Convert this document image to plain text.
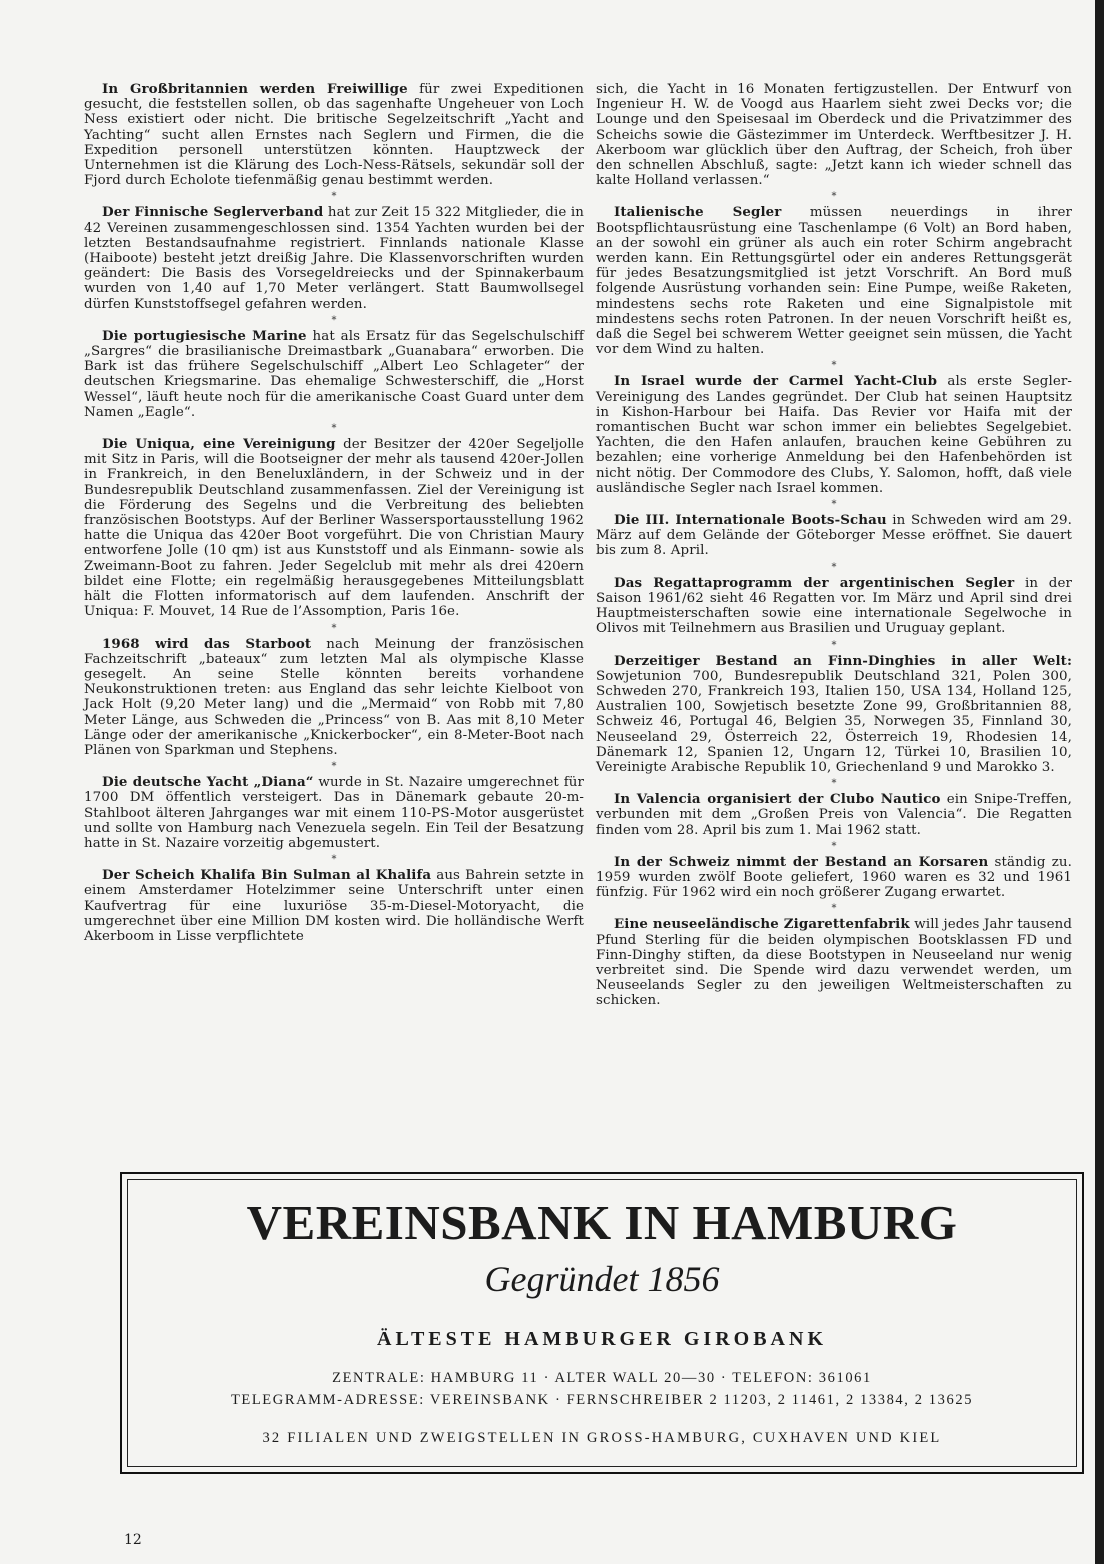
In Großbritannien werden Freiwillige für zwei Expeditionen gesucht, die feststellen sollen, ob das sagenhafte Ungeheuer von Loch Ness existiert oder nicht. Die britische Segelzeitschrift „Yacht and Yachting“ sucht allen Ernstes nach Seglern und Firmen, die die Expedition personell unterstützen könnten. Hauptzweck der Unternehmen ist die Klärung des Loch-Ness-Rätsels, sekundär soll der Fjord durch Echolote tiefenmäßig genau bestimmt werden.

*

Der Finnische Seglerverband hat zur Zeit 15 322 Mitglieder, die in 42 Vereinen zusammengeschlossen sind. 1354 Yachten wurden bei der letzten Bestandsaufnahme registriert. Finnlands nationale Klasse (Haiboote) besteht jetzt dreißig Jahre. Die Klassenvorschriften wurden geändert: Die Basis des Vorsegeldreiecks und der Spinnakerbaum wurden von 1,40 auf 1,70 Meter verlängert. Statt Baumwollsegel dürfen Kunststoffsegel gefahren werden.

*

Die portugiesische Marine hat als Ersatz für das Segelschulschiff „Sargres“ die brasilianische Dreimastbark „Guanabara“ erworben. Die Bark ist das frühere Segelschulschiff „Albert Leo Schlageter“ der deutschen Kriegsmarine. Das ehemalige Schwesterschiff, die „Horst Wessel“, läuft heute noch für die amerikanische Coast Guard unter dem Namen „Eagle“.

*

Die Uniqua, eine Vereinigung der Besitzer der 420er Segeljolle mit Sitz in Paris, will die Bootseigner der mehr als tausend 420er-Jollen in Frankreich, in den Beneluxländern, in der Schweiz und in der Bundesrepublik Deutschland zusammenfassen. Ziel der Vereinigung ist die Förderung des Segelns und die Verbreitung des beliebten französischen Bootstyps. Auf der Berliner Wassersportausstellung 1962 hatte die Uniqua das 420er Boot vorgeführt. Die von Christian Maury entworfene Jolle (10 qm) ist aus Kunststoff und als Einmann- sowie als Zweimann-Boot zu fahren. Jeder Segelclub mit mehr als drei 420ern bildet eine Flotte; ein regelmäßig herausgegebenes Mitteilungsblatt hält die Flotten informatorisch auf dem laufenden. Anschrift der Uniqua: F. Mouvet, 14 Rue de l’Assomption, Paris 16e.

*

1968 wird das Starboot nach Meinung der französischen Fachzeitschrift „bateaux“ zum letzten Mal als olympische Klasse gesegelt. An seine Stelle könnten bereits vorhandene Neukonstruktionen treten: aus England das sehr leichte Kielboot von Jack Holt (9,20 Meter lang) und die „Mermaid“ von Robb mit 7,80 Meter Länge, aus Schweden die „Princess“ von B. Aas mit 8,10 Meter Länge oder der amerikanische „Knickerbocker“, ein 8-Meter-Boot nach Plänen von Sparkman und Stephens.

*

Die deutsche Yacht „Diana“ wurde in St. Nazaire umgerechnet für 1700 DM öffentlich versteigert. Das in Dänemark gebaute 20-m-Stahlboot älteren Jahrganges war mit einem 110-PS-Motor ausgerüstet und sollte von Hamburg nach Venezuela segeln. Ein Teil der Besatzung hatte in St. Nazaire vorzeitig abgemustert.

*

Der Scheich Khalifa Bin Sulman al Khalifa aus Bahrein setzte in einem Amsterdamer Hotelzimmer seine Unterschrift unter einen Kaufvertrag für eine luxuriöse 35-m-Diesel-Motoryacht, die umgerechnet über eine Million DM kosten wird. Die holländische Werft Akerboom in Lisse verpflichtete

sich, die Yacht in 16 Monaten fertigzustellen. Der Entwurf von Ingenieur H. W. de Voogd aus Haarlem sieht zwei Decks vor; die Lounge und den Speisesaal im Oberdeck und die Privatzimmer des Scheichs sowie die Gästezimmer im Unterdeck. Werftbesitzer J. H. Akerboom war glücklich über den Auftrag, der Scheich, froh über den schnellen Abschluß, sagte: „Jetzt kann ich wieder schnell das kalte Holland verlassen.“

*

Italienische Segler müssen neuerdings in ihrer Bootspflichtausrüstung eine Taschenlampe (6 Volt) an Bord haben, an der sowohl ein grüner als auch ein roter Schirm angebracht werden kann. Ein Rettungsgürtel oder ein anderes Rettungsgerät für jedes Besatzungsmitglied ist jetzt Vorschrift. An Bord muß folgende Ausrüstung vorhanden sein: Eine Pumpe, weiße Raketen, mindestens sechs rote Raketen und eine Signalpistole mit mindestens sechs roten Patronen. In der neuen Vorschrift heißt es, daß die Segel bei schwerem Wetter geeignet sein müssen, die Yacht vor dem Wind zu halten.

*

In Israel wurde der Carmel Yacht-Club als erste Segler-Vereinigung des Landes gegründet. Der Club hat seinen Hauptsitz in Kishon-Harbour bei Haifa. Das Revier vor Haifa mit der romantischen Bucht war schon immer ein beliebtes Segelgebiet. Yachten, die den Hafen anlaufen, brauchen keine Gebühren zu bezahlen; eine vorherige Anmeldung bei den Hafenbehörden ist nicht nötig. Der Commodore des Clubs, Y. Salomon, hofft, daß viele ausländische Segler nach Israel kommen.

*

Die III. Internationale Boots-Schau in Schweden wird am 29. März auf dem Gelände der Göteborger Messe eröffnet. Sie dauert bis zum 8. April.

*

Das Regattaprogramm der argentinischen Segler in der Saison 1961/62 sieht 46 Regatten vor. Im März und April sind drei Hauptmeisterschaften sowie eine internationale Segelwoche in Olivos mit Teilnehmern aus Brasilien und Uruguay geplant.

*

Derzeitiger Bestand an Finn-Dinghies in aller Welt: Sowjetunion 700, Bundesrepublik Deutschland 321, Polen 300, Schweden 270, Frankreich 193, Italien 150, USA 134, Holland 125, Australien 100, Sowjetisch besetzte Zone 99, Großbritannien 88, Schweiz 46, Portugal 46, Belgien 35, Norwegen 35, Finnland 30, Neuseeland 29, Österreich 22, Österreich 19, Rhodesien 14, Dänemark 12, Spanien 12, Ungarn 12, Türkei 10, Brasilien 10, Vereinigte Arabische Republik 10, Griechenland 9 und Marokko 3.

*

In Valencia organisiert der Clubo Nautico ein Snipe-Treffen, verbunden mit dem „Großen Preis von Valencia“. Die Regatten finden vom 28. April bis zum 1. Mai 1962 statt.

*

In der Schweiz nimmt der Bestand an Korsaren ständig zu. 1959 wurden zwölf Boote geliefert, 1960 waren es 32 und 1961 fünfzig. Für 1962 wird ein noch größerer Zugang erwartet.

*

Eine neuseeländische Zigarettenfabrik will jedes Jahr tausend Pfund Sterling für die beiden olympischen Bootsklassen FD und Finn-Dinghy stiften, da diese Bootstypen in Neuseeland nur wenig verbreitet sind. Die Spende wird dazu verwendet werden, um Neuseelands Segler zu den jeweiligen Weltmeisterschaften zu schicken.

VEREINSBANK IN HAMBURG
Gegründet 1856
ÄLTESTE HAMBURGER GIROBANK
ZENTRALE: HAMBURG 11 · ALTER WALL 20—30 · TELEFON: 361061
TELEGRAMM-ADRESSE: VEREINSBANK · FERNSCHREIBER 2 11203, 2 11461, 2 13384, 2 13625
32 FILIALEN UND ZWEIGSTELLEN IN GROSS-HAMBURG, CUXHAVEN UND KIEL
12
